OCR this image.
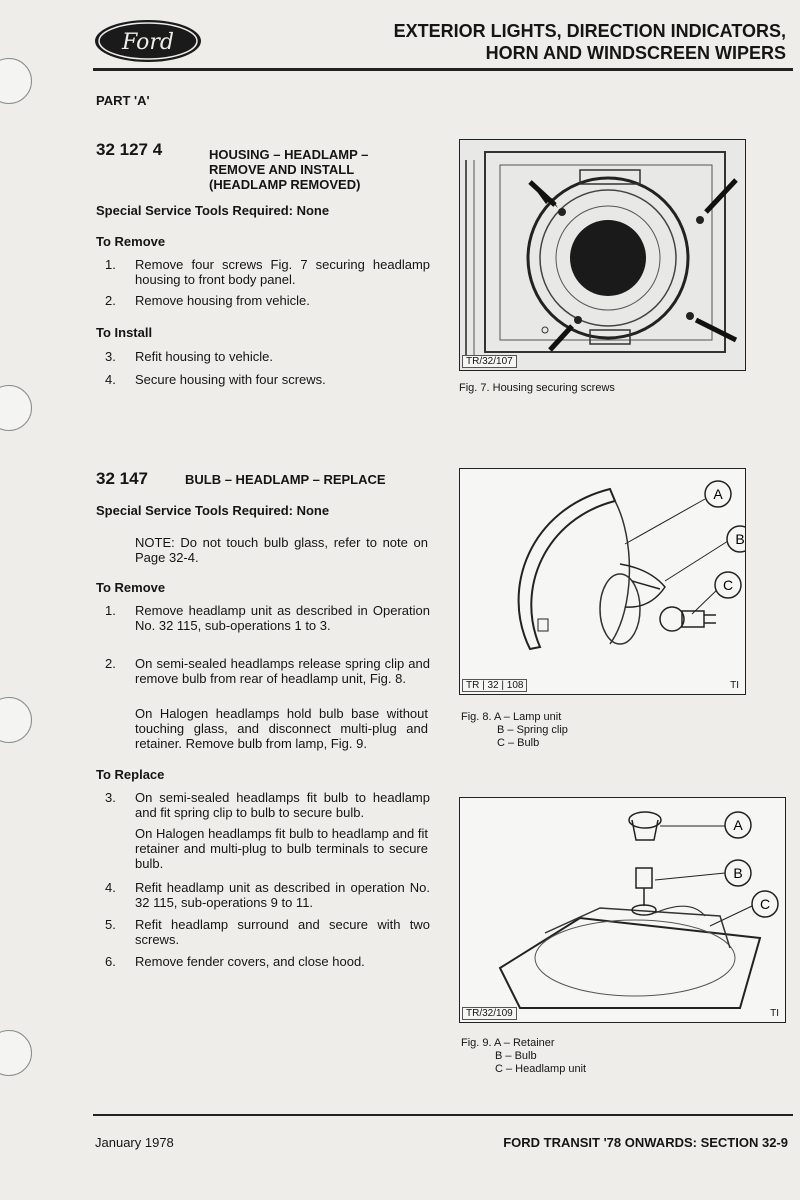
Ford	EXTERIOR LIGHTS, DIRECTION INDICATORS,
HORN AND WINDSCREEN WIPERS
PART 'A'
32 127 4	HOUSING – HEADLAMP –
REMOVE AND INSTALL
(HEADLAMP REMOVED)
Special Service Tools Required: None
To Remove
1. Remove four screws Fig. 7 securing headlamp housing to front body panel.
2. Remove housing from vehicle.
To Install
3. Refit housing to vehicle.
4. Secure housing with four screws.
32 147	BULB – HEADLAMP – REPLACE
Special Service Tools Required: None
NOTE: Do not touch bulb glass, refer to note on Page 32-4.
To Remove
1. Remove headlamp unit as described in Operation No. 32 115, sub-operations 1 to 3.
2. On semi-sealed headlamps release spring clip and remove bulb from rear of headlamp unit, Fig. 8.
On Halogen headlamps hold bulb base without touching glass, and disconnect multi-plug and retainer. Remove bulb from lamp, Fig. 9.
To Replace
3. On semi-sealed headlamps fit bulb to headlamp and fit spring clip to bulb to secure bulb.
On Halogen headlamps fit bulb to headlamp and fit retainer and multi-plug to bulb terminals to secure bulb.
4. Refit headlamp unit as described in operation No. 32 115, sub-operations 9 to 11.
5. Refit headlamp surround and secure with two screws.
6. Remove fender covers, and close hood.
TR/32/107
Fig. 7. Housing securing screws
A
B
C
TR | 32 | 108	TI
Fig. 8. A – Lamp unit
B – Spring clip
C – Bulb
A
B
C
TR/32/109	TI
Fig. 9. A – Retainer
B – Bulb
C – Headlamp unit
January 1978	FORD TRANSIT '78 ONWARDS: SECTION 32-9
